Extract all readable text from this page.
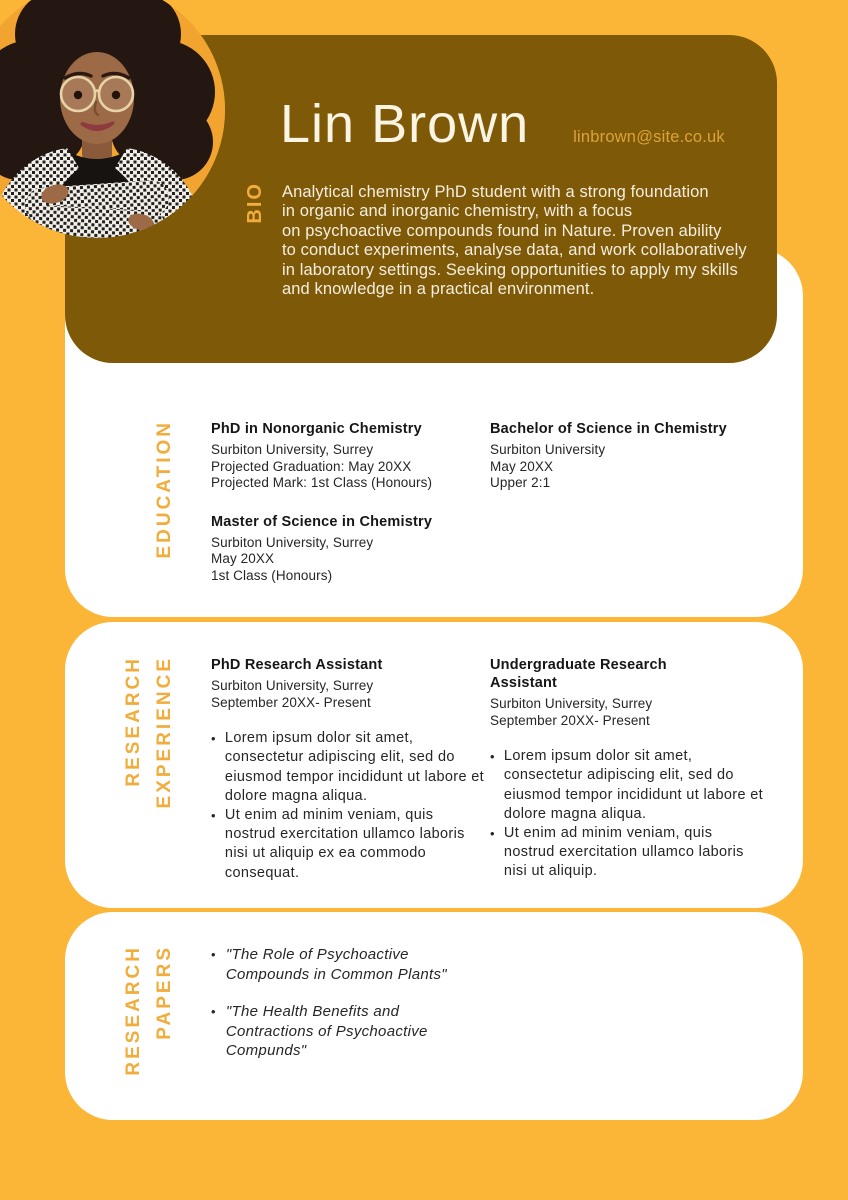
EDUCATION PhD in Nonorganic Chemistry
Surbiton University, Surrey
Projected Graduation: May 20XX
Projected Mark: 1st Class (Honours)
Master of Science in Chemistry
Surbiton University, Surrey
May 20XX
1st Class (Honours)
Bachelor of Science in Chemistry
Surbiton University
May 20XX
Upper 2:1
Lin Brown	linbrown@site.co.uk
BIO Analytical chemistry PhD student with a strong foundation
in organic and inorganic chemistry, with a focus
on psychoactive compounds found in Nature. Proven ability
to conduct experiments, analyse data, and work collaboratively
in laboratory settings. Seeking opportunities to apply my skills
and knowledge in a practical environment.
RESEARCH EXPERIENCE PhD Research Assistant
Surbiton University, Surrey
September 20XX- Present
• Lorem ipsum dolor sit amet, consectetur adipiscing elit, sed do eiusmod tempor incididunt ut labore et dolore magna aliqua.
• Ut enim ad minim veniam, quis nostrud exercitation ullamco laboris nisi ut aliquip ex ea commodo consequat.
Undergraduate Research Assistant
Surbiton University, Surrey
September 20XX- Present
• Lorem ipsum dolor sit amet, consectetur adipiscing elit, sed do eiusmod tempor incididunt ut labore et dolore magna aliqua.
• Ut enim ad minim veniam, quis nostrud exercitation ullamco laboris nisi ut aliquip.
RESEARCH PAPERS	• "The Role of Psychoactive Compounds in Common Plants"
• "The Health Benefits and Contractions of Psychoactive Compunds"
